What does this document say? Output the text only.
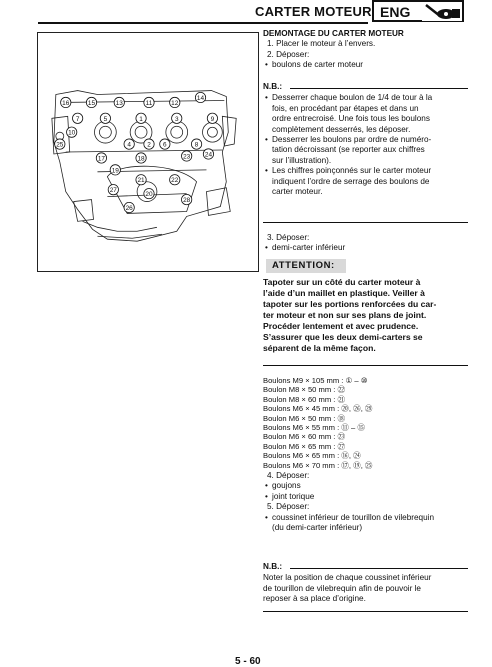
CARTER MOTEUR ENG
16	15	13	11	12
14
7	5	1	3	9
10
4 2 6	8
25
17	18	23 24
19
21	22
27
20
28
26
DEMONTAGE DU CARTER MOTEUR
1. Placer le moteur à l’envers.
2. Déposer:
• boulons de carter moteur
N.B.:
• Desserrer chaque boulon de 1/4 de tour à la
fois, en procédant par étapes et dans un
ordre entrecroisé. Une fois tous les boulons
complètement desserrés, les déposer.
• Desserrer les boulons par ordre de numéro-
tation décroissant (se reporter aux chiffres
sur l’illustration).
• Les chiffres poinçonnés sur le carter moteur
indiquent l’ordre de serrage des boulons de
carter moteur.
3. Déposer:
• demi-carter inférieur
ATTENTION:
Tapoter sur un côté du carter moteur à
l’aide d’un maillet en plastique. Veiller à
tapoter sur les portions renforcées du car-
ter moteur et non sur ses plans de joint.
Procéder lentement et avec prudence.
S’assurer que les deux demi-carters se
séparent de la même façon.
Boulons M9 × 105 mm : ① – ⑩
Boulon M8 × 50 mm : ㉒
Boulon M8 × 60 mm : ㉑
Boulons M6 × 45 mm : ⑳, ㉖, ㉘
Boulon M6 × 50 mm : ⑱
Boulons M6 × 55 mm : ⑪ – ⑮
Boulon M6 × 60 mm : ㉓
Boulon M6 × 65 mm : ㉗
Boulons M6 × 65 mm : ⑯, ㉔
Boulons M6 × 70 mm : ⑰, ⑲, ㉕
4. Déposer:
• goujons
• joint torique
5. Déposer:
• coussinet inférieur de tourillon de vilebrequin
(du demi-carter inférieur)
N.B.:
Noter la position de chaque coussinet inférieur
de tourillon de vilebrequin afin de pouvoir le
reposer à sa place d’origine.
5 - 60
